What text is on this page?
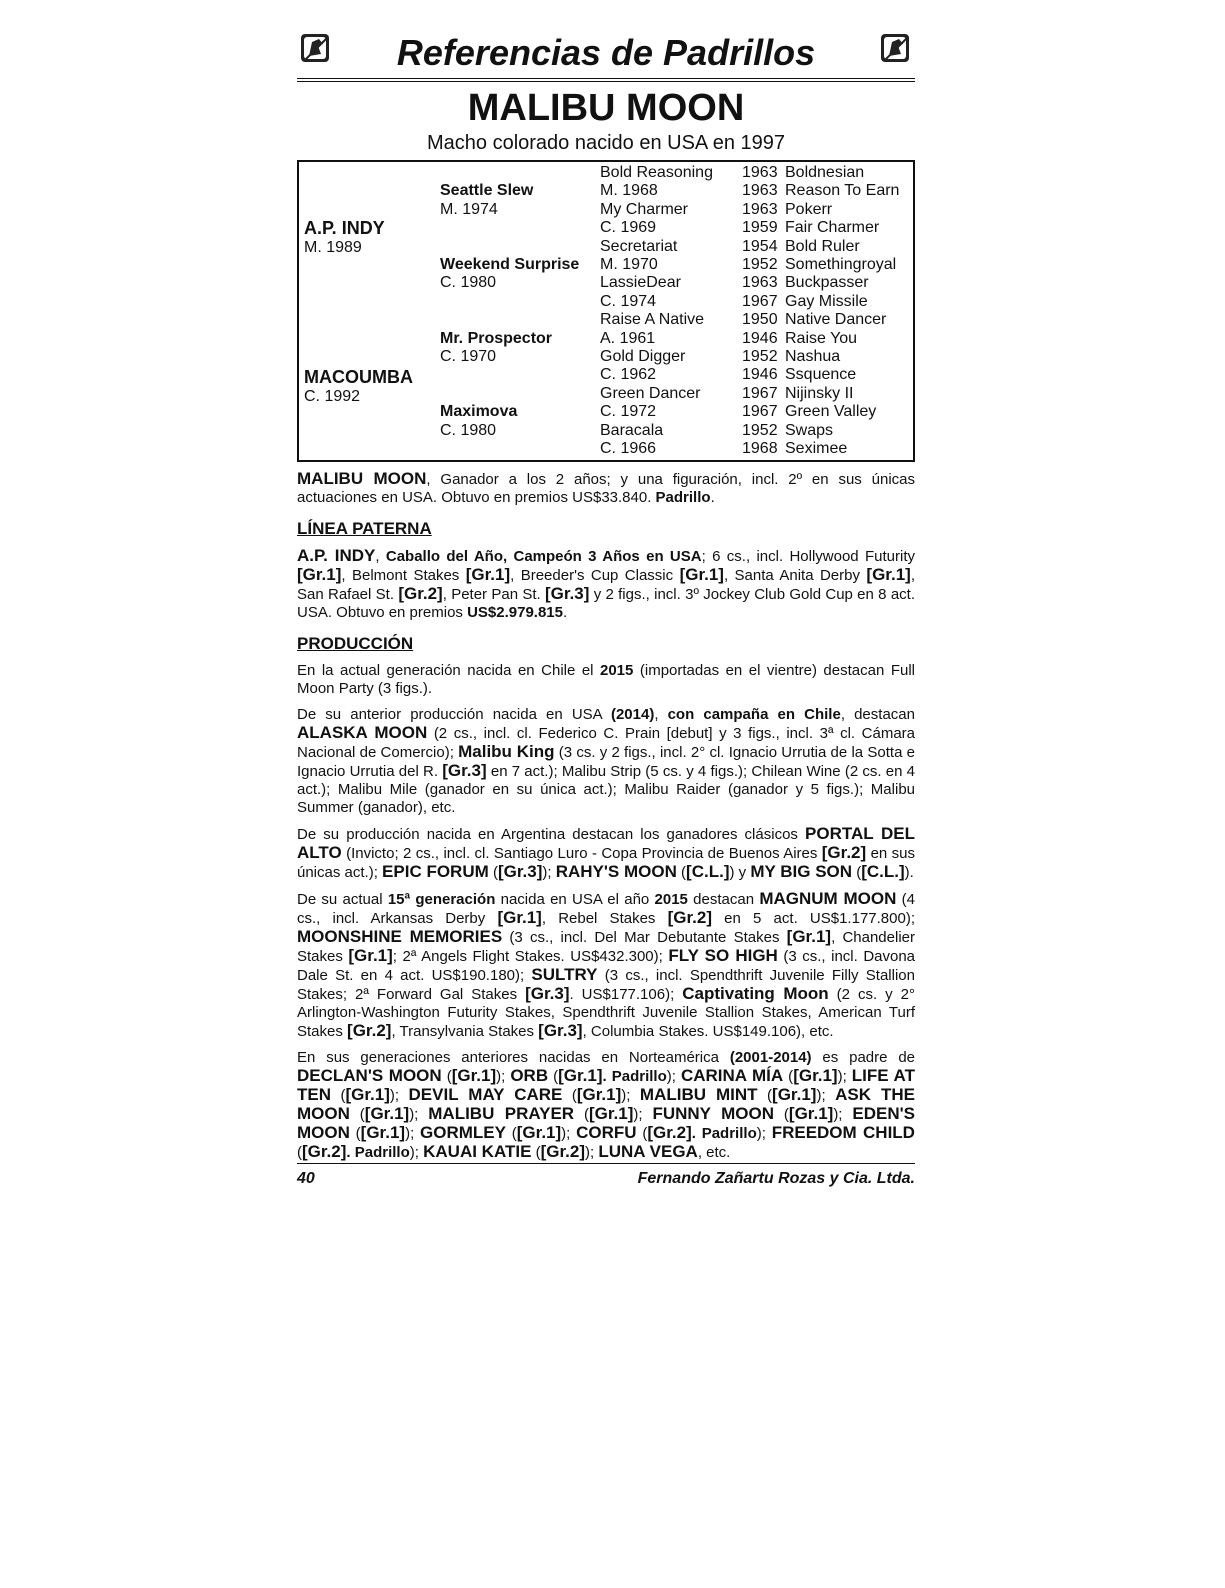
Referencias de Padrillos
MALIBU MOON
Macho colorado nacido en USA en 1997
A.P. INDY
M. 1989
MACOUMBA
C. 1992
Seattle Slew
M. 1974
Weekend Surprise
C. 1980
Mr. Prospector
C. 1970
Maximova
C. 1980
Bold Reasoning
M. 1968
My Charmer
C. 1969
Secretariat
M. 1970
LassieDear
C. 1974
Raise A Native
A. 1961
Gold Digger
C. 1962
Green Dancer
C. 1972
Baracala
C. 1966
1963 Boldnesian
1963 Reason To Earn
1963 Pokerr
1959 Fair Charmer
1954 Bold Ruler
1952 Somethingroyal
1963 Buckpasser
1967 Gay Missile
1950 Native Dancer
1946 Raise You
1952 Nashua
1946 Ssquence
1967 Nijinsky II
1967 Green Valley
1952 Swaps
1968 Seximee

MALIBU MOON, Ganador a los 2 años; y una figuración, incl. 2º en sus únicas actuaciones en USA. Obtuvo en premios US$33.840. Padrillo.

LÍNEA PATERNA

A.P. INDY, Caballo del Año, Campeón 3 Años en USA; 6 cs., incl. Hollywood Futurity [Gr.1], Belmont Stakes [Gr.1], Breeder's Cup Classic [Gr.1], Santa Anita Derby [Gr.1], San Rafael St. [Gr.2], Peter Pan St. [Gr.3] y 2 figs., incl. 3º Jockey Club Gold Cup en 8 act. USA. Obtuvo en premios US$2.979.815.

PRODUCCIÓN

En la actual generación nacida en Chile el 2015 (importadas en el vientre) destacan Full Moon Party (3 figs.).

De su anterior producción nacida en USA (2014), con campaña en Chile, destacan ALASKA MOON (2 cs., incl. cl. Federico C. Prain [debut] y 3 figs., incl. 3ª cl. Cámara Nacional de Comercio); Malibu King (3 cs. y 2 figs., incl. 2° cl. Ignacio Urrutia de la Sotta e Ignacio Urrutia del R. [Gr.3] en 7 act.); Malibu Strip (5 cs. y 4 figs.); Chilean Wine (2 cs. en 4 act.); Malibu Mile (ganador en su única act.); Malibu Raider (ganador y 5 figs.); Malibu Summer (ganador), etc.

De su producción nacida en Argentina destacan los ganadores clásicos PORTAL DEL ALTO (Invicto; 2 cs., incl. cl. Santiago Luro - Copa Provincia de Buenos Aires [Gr.2] en sus únicas act.); EPIC FORUM ([Gr.3]); RAHY'S MOON ([C.L.]) y MY BIG SON ([C.L.]).

De su actual 15ª generación nacida en USA el año 2015 destacan MAGNUM MOON (4 cs., incl. Arkansas Derby [Gr.1], Rebel Stakes [Gr.2] en 5 act. US$1.177.800); MOONSHINE MEMORIES (3 cs., incl. Del Mar Debutante Stakes [Gr.1], Chandelier Stakes [Gr.1]; 2ª Angels Flight Stakes. US$432.300); FLY SO HIGH (3 cs., incl. Davona Dale St. en 4 act. US$190.180); SULTRY (3 cs., incl. Spendthrift Juvenile Filly Stallion Stakes; 2ª Forward Gal Stakes [Gr.3]. US$177.106); Captivating Moon (2 cs. y 2° Arlington-Washington Futurity Stakes, Spendthrift Juvenile Stallion Stakes, American Turf Stakes [Gr.2], Transylvania Stakes [Gr.3], Columbia Stakes. US$149.106), etc.

En sus generaciones anteriores nacidas en Norteamérica (2001-2014) es padre de DECLAN'S MOON ([Gr.1]); ORB ([Gr.1]. Padrillo); CARINA MÍA ([Gr.1]); LIFE AT TEN ([Gr.1]); DEVIL MAY CARE ([Gr.1]); MALIBU MINT ([Gr.1]); ASK THE MOON ([Gr.1]); MALIBU PRAYER ([Gr.1]); FUNNY MOON ([Gr.1]); EDEN'S MOON ([Gr.1]); GORMLEY ([Gr.1]); CORFU ([Gr.2]. Padrillo); FREEDOM CHILD ([Gr.2]. Padrillo); KAUAI KATIE ([Gr.2]); LUNA VEGA, etc.

40	Fernando Zañartu Rozas y Cia. Ltda.
